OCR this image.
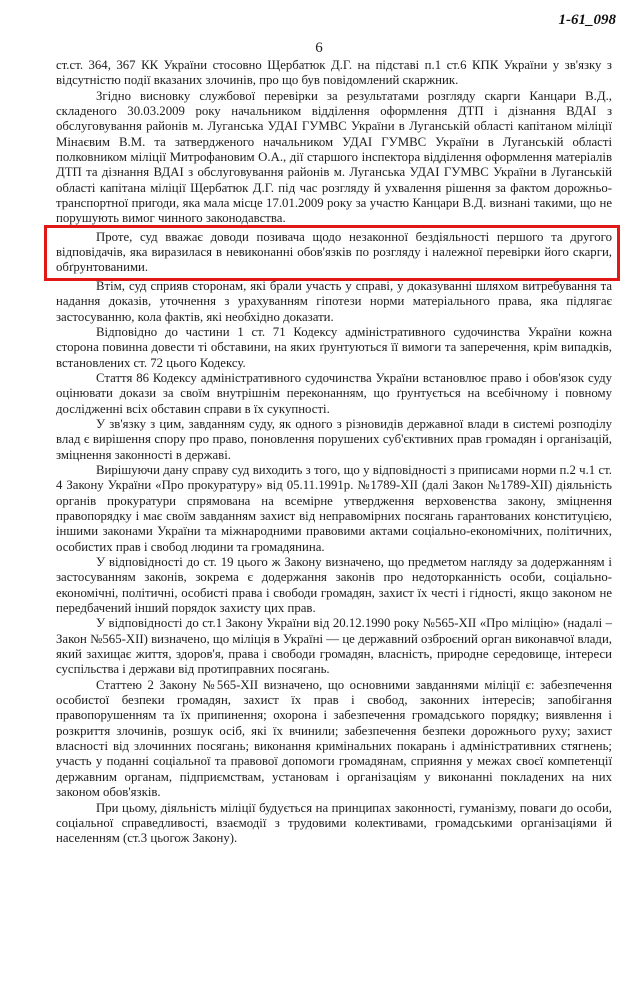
1-61_098
6

ст.ст. 364, 367 КК України стосовно Щербатюк Д.Г. на підставі п.1 ст.6 КПК України у зв'язку з відсутністю події вказаних злочинів, про що був повідомлений скаржник.

Згідно висновку службової перевірки за результатами розгляду скарги Канцари В.Д., складеного 30.03.2009 року начальником відділення оформлення ДТП і дізнання ВДАІ з обслуговування районів м. Луганська УДАІ ГУМВС України в Луганській області капітаном міліції Мінаєвим В.М. та затвердженого начальником УДАІ ГУМВС України в Луганській області полковником міліції Митрофановим О.А., дії старшого інспектора відділення оформлення матеріалів ДТП та дізнання ВДАІ з обслуговування районів м. Луганська УДАІ ГУМВС України в Луганській області капітана міліції Щербатюк Д.Г. під час розгляду й ухвалення рішення за фактом дорожньо-транспортної пригоди, яка мала місце 17.01.2009 року за участю Канцари В.Д. визнані такими, що не порушують вимог чинного законодавства.

Проте, суд вважає доводи позивача щодо незаконної бездіяльності першого та другого відповідачів, яка виразилася в невиконанні обов'язків по розгляду і належної перевірки його скарги, обґрунтованими.

Втім, суд сприяв сторонам, які брали участь у справі, у доказуванні шляхом витребування та надання доказів, уточнення з урахуванням гіпотези норми матеріального права, яка підлягає застосуванню, кола фактів, які необхідно доказати.

Відповідно до частини 1 ст. 71 Кодексу адміністративного судочинства України кожна сторона повинна довести ті обставини, на яких ґрунтуються її вимоги та заперечення, крім випадків, встановлених ст. 72 цього Кодексу.

Стаття 86 Кодексу адміністративного судочинства України встановлює право і обов'язок суду оцінювати докази за своїм внутрішнім переконанням, що ґрунтується на всебічному і повному дослідженні всіх обставин справи в їх сукупності.

У зв'язку з цим, завданням суду, як одного з різновидів державної влади в системі розподілу влад є вирішення спору про право, поновлення порушених суб'єктивних прав громадян і організацій, зміцнення законності в державі.

Вирішуючи дану справу суд виходить з того, що у відповідності з приписами норми п.2 ч.1 ст. 4 Закону України «Про прокуратуру» від 05.11.1991р. №1789-XII (далі Закон №1789-XII) діяльність органів прокуратури спрямована на всемірне утвердження верховенства закону, зміцнення правопорядку і має своїм завданням захист від неправомірних посягань гарантованих конституцією, іншими законами України та міжнародними правовими актами соціально-економічних, політичних, особистих прав і свобод людини та громадянина.

У відповідності до ст. 19 цього ж Закону визначено, що предметом нагляду за додержанням і застосуванням законів, зокрема є додержання законів про недоторканність особи, соціально-економічні, політичні, особисті права і свободи громадян, захист їх честі і гідності, якщо законом не передбачений інший порядок захисту цих прав.

У відповідності до ст.1 Закону України від 20.12.1990 року №565-XII «Про міліцію» (надалі – Закон №565-XII) визначено, що міліція в Україні — це державний озброєний орган виконавчої влади, який захищає життя, здоров'я, права і свободи громадян, власність, природне середовище, інтереси суспільства і держави від протиправних посягань.

Статтею 2 Закону №565-XII визначено, що основними завданнями міліції є: забезпечення особистої безпеки громадян, захист їх прав і свобод, законних інтересів; запобігання правопорушенням та їх припинення; охорона і забезпечення громадського порядку; виявлення і розкриття злочинів, розшук осіб, які їх вчинили; забезпечення безпеки дорожнього руху; захист власності від злочинних посягань; виконання кримінальних покарань і адміністративних стягнень; участь у поданні соціальної та правової допомоги громадянам, сприяння у межах своєї компетенції державним органам, підприємствам, установам і організаціям у виконанні покладених на них законом обов'язків.

При цьому, діяльність міліції будується на принципах законності, гуманізму, поваги до особи, соціальної справедливості, взаємодії з трудовими колективами, громадськими організаціями й населенням (ст.3 цьогож Закону).
